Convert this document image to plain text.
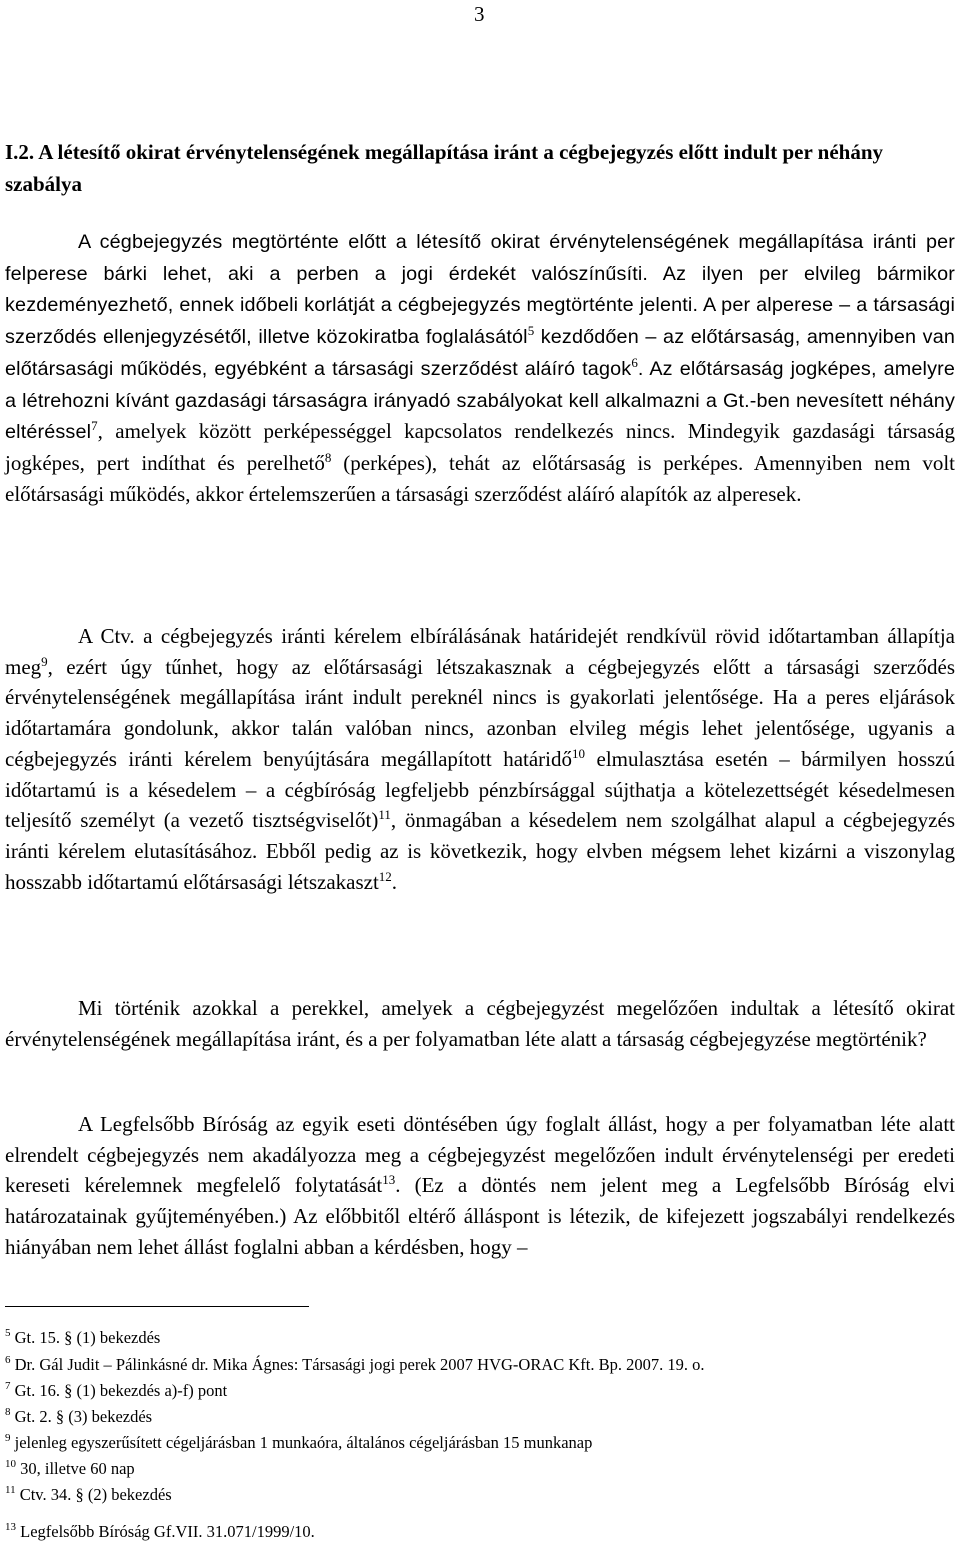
3
I.2. A létesítő okirat érvénytelenségének megállapítása iránt a cégbejegyzés előtt indult per néhány szabálya
A cégbejegyzés megtörténte előtt a létesítő okirat érvénytelenségének megállapítása iránti per felperese bárki lehet, aki a perben a jogi érdekét valószínűsíti. Az ilyen per elvileg bármikor kezdeményezhető, ennek időbeli korlátját a cégbejegyzés megtörténte jelenti. A per alperese – a társasági szerződés ellenjegyzésétől, illetve közokiratba foglalásától$^5$ kezdődően – az előtársaság, amennyiben van előtársasági működés, egyébként a társasági szerződést aláíró tagok$^6$. Az előtársaság jogképes, amelyre a létrehozni kívánt gazdasági társaságra irányadó szabályokat kell alkalmazni a Gt.-ben nevesített néhány eltéréssel$^7$, amelyek között perképességgel kapcsolatos rendelkezés nincs. Mindegyik gazdasági társaság jogképes, pert indíthat és perelhető$^8$ (perképes), tehát az előtársaság is perképes. Amennyiben nem volt előtársasági működés, akkor értelemszerűen a társasági szerződést aláíró alapítók az alperesek.
A Ctv. a cégbejegyzés iránti kérelem elbírálásának határidejét rendkívül rövid időtartamban állapítja meg$^9$, ezért úgy tűnhet, hogy az előtársasági létszakasznak a cégbejegyzés előtt a társasági szerződés érvénytelenségének megállapítása iránt indult pereknél nincs is gyakorlati jelentősége. Ha a peres eljárások időtartamára gondolunk, akkor talán valóban nincs, azonban elvileg mégis lehet jelentősége, ugyanis a cégbejegyzés iránti kérelem benyújtására megállapított határidő$^{10}$ elmulasztása esetén – bármilyen hosszú időtartamú is a késedelem – a cégbíróság legfeljebb pénzbírsággal sújthatja a kötelezettségét késedelmesen teljesítő személyt (a vezető tisztségviselőt)$^{11}$, önmagában a késedelem nem szolgálhat alapul a cégbejegyzés iránti kérelem elutasításához. Ebből pedig az is következik, hogy elvben mégsem lehet kizárni a viszonylag hosszabb időtartamú előtársasági létszakaszt$^{12}$.
Mi történik azokkal a perekkel, amelyek a cégbejegyzést megelőzően indultak a létesítő okirat érvénytelenségének megállapítása iránt, és a per folyamatban léte alatt a társaság cégbejegyzése megtörténik?
A Legfelsőbb Bíróság az egyik eseti döntésében úgy foglalt állást, hogy a per folyamatban léte alatt elrendelt cégbejegyzés nem akadályozza meg a cégbejegyzést megelőzően indult érvénytelenségi per eredeti kereseti kérelemnek megfelelő folytatását$^{13}$. (Ez a döntés nem jelent meg a Legfelsőbb Bíróság elvi határozatainak gyűjteményében.) Az előbbitől eltérő álláspont is létezik, de kifejezett jogszabályi rendelkezés hiányában nem lehet állást foglalni abban a kérdésben, hogy –
$^5$ Gt. 15. § (1) bekezdés
$^6$ Dr. Gál Judit – Pálinkásné dr. Mika Ágnes: Társasági jogi perek 2007 HVG-ORAC Kft. Bp. 2007. 19. o.
$^7$ Gt. 16. § (1) bekezdés a)-f) pont
$^8$ Gt. 2. § (3) bekezdés
$^9$ jelenleg egyszerűsített cégeljárásban 1 munkaóra, általános cégeljárásban 15 munkanap
$^{10}$ 30, illetve 60 nap
$^{11}$ Ctv. 34. § (2) bekezdés
$^{13}$ Legfelsőbb Bíróság Gf.VII. 31.071/1999/10.
